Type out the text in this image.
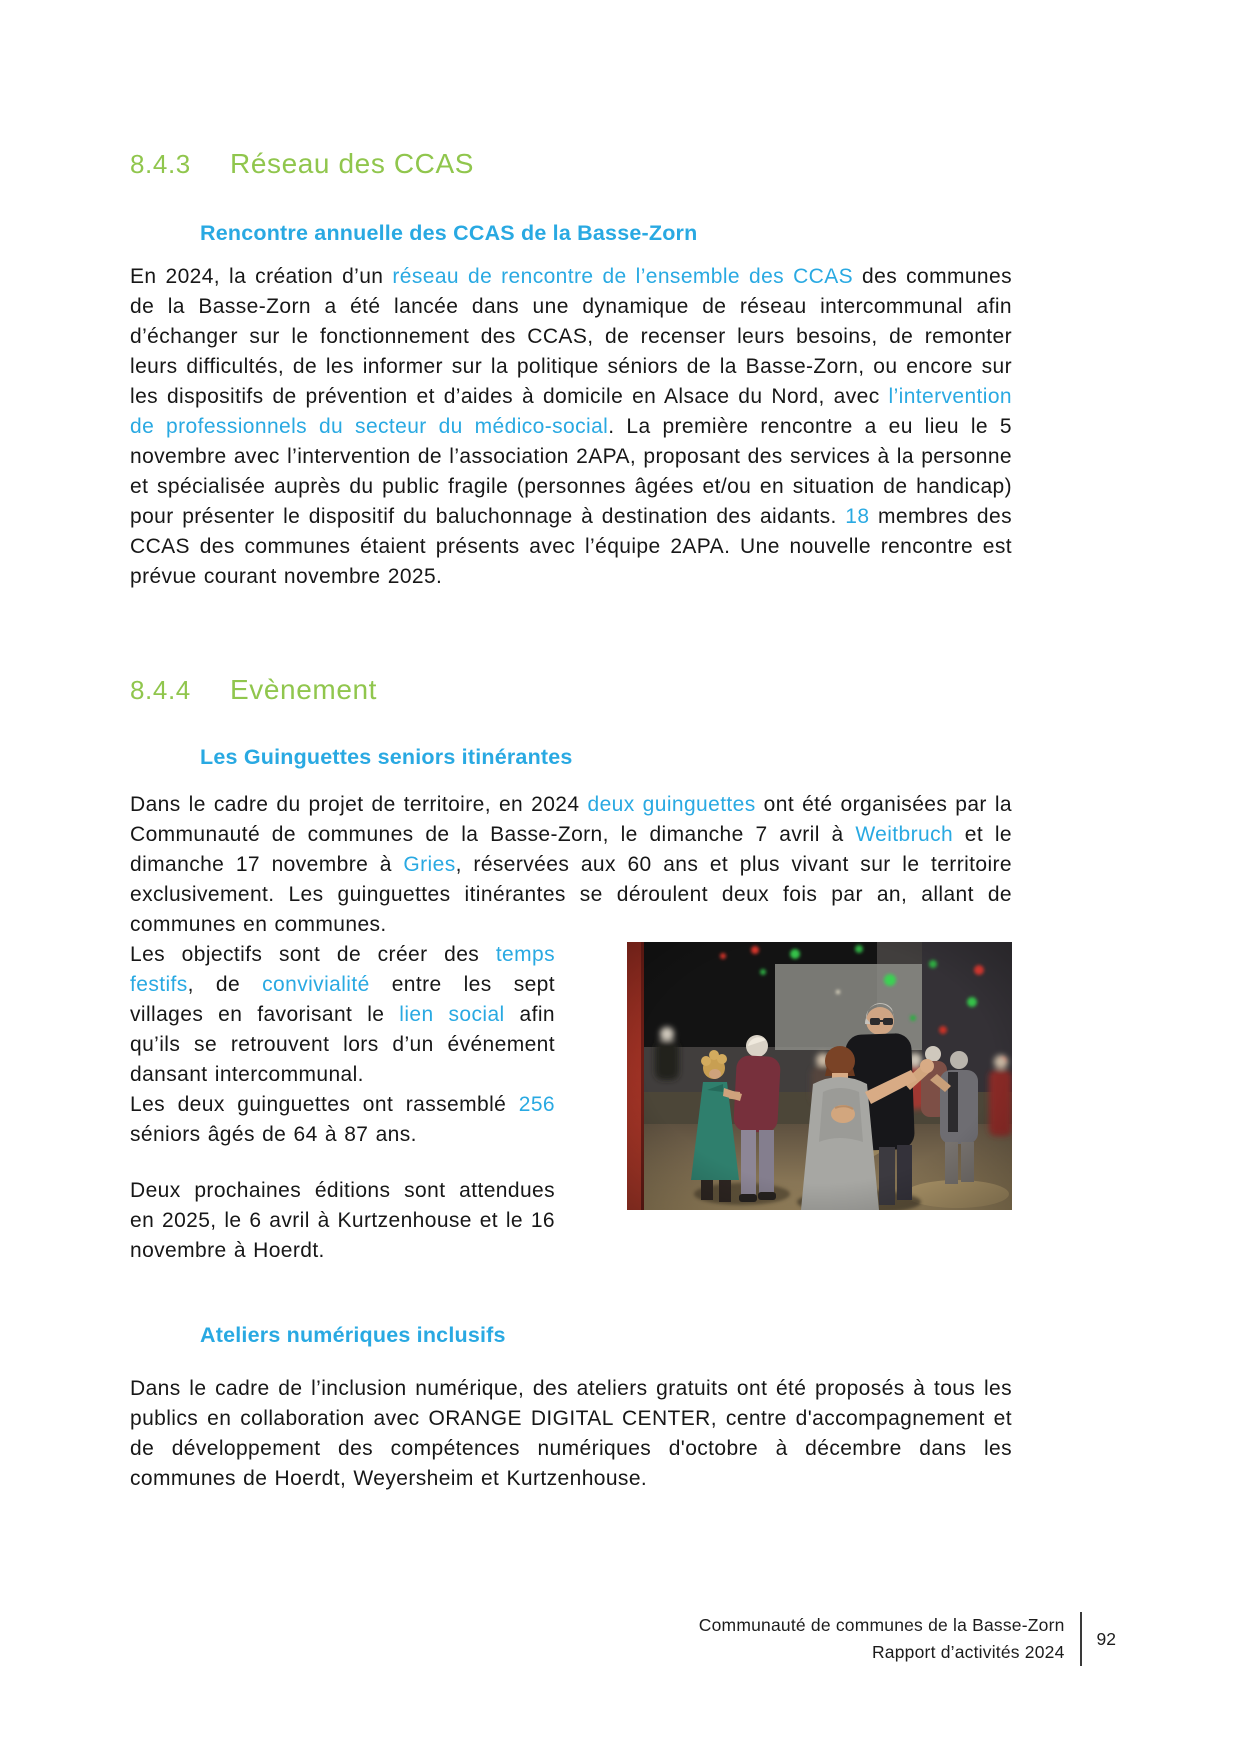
8.4.3	Réseau des CCAS
Rencontre annuelle des CCAS de la Basse-Zorn

En 2024, la création d’un réseau de rencontre de l’ensemble des CCAS des communes de la Basse-Zorn a été lancée dans une dynamique de réseau intercommunal afin d’échanger sur le fonctionnement des CCAS, de recenser leurs besoins, de remonter leurs difficultés, de les informer sur la politique séniors de la Basse-Zorn, ou encore sur les dispositifs de prévention et d’aides à domicile en Alsace du Nord, avec l’intervention de professionnels du secteur du médico-social. La première rencontre a eu lieu le 5 novembre avec l’intervention de l’association 2APA, proposant des services à la personne et spécialisée auprès du public fragile (personnes âgées et/ou en situation de handicap) pour présenter le dispositif du baluchonnage à destination des aidants. 18 membres des CCAS des communes étaient présents avec l’équipe 2APA. Une nouvelle rencontre est prévue courant novembre 2025.

8.4.4	Evènement
Les Guinguettes seniors itinérantes

Dans le cadre du projet de territoire, en 2024 deux guinguettes ont été organisées par la Communauté de communes de la Basse-Zorn, le dimanche 7 avril à Weitbruch et le dimanche 17 novembre à Gries, réservées aux 60 ans et plus vivant sur le territoire exclusivement. Les guinguettes itinérantes se déroulent deux fois par an, allant de communes en communes.

Les objectifs sont de créer des temps festifs, de convivialité entre les sept villages en favorisant le lien social afin qu’ils se retrouvent lors d’un événement dansant intercommunal.

Les deux guinguettes ont rassemblé 256 séniors âgés de 64 à 87 ans.

Deux prochaines éditions sont attendues en 2025, le 6 avril à Kurtzenhouse et le 16 novembre à Hoerdt.

Ateliers numériques inclusifs

Dans le cadre de l’inclusion numérique, des ateliers gratuits ont été proposés à tous les publics en collaboration avec ORANGE DIGITAL CENTER, centre d'accompagnement et de développement des compétences numériques d'octobre à décembre dans les communes de Hoerdt, Weyersheim et Kurtzenhouse.

Communauté de communes de la Basse-Zorn
Rapport d’activités 2024
92
